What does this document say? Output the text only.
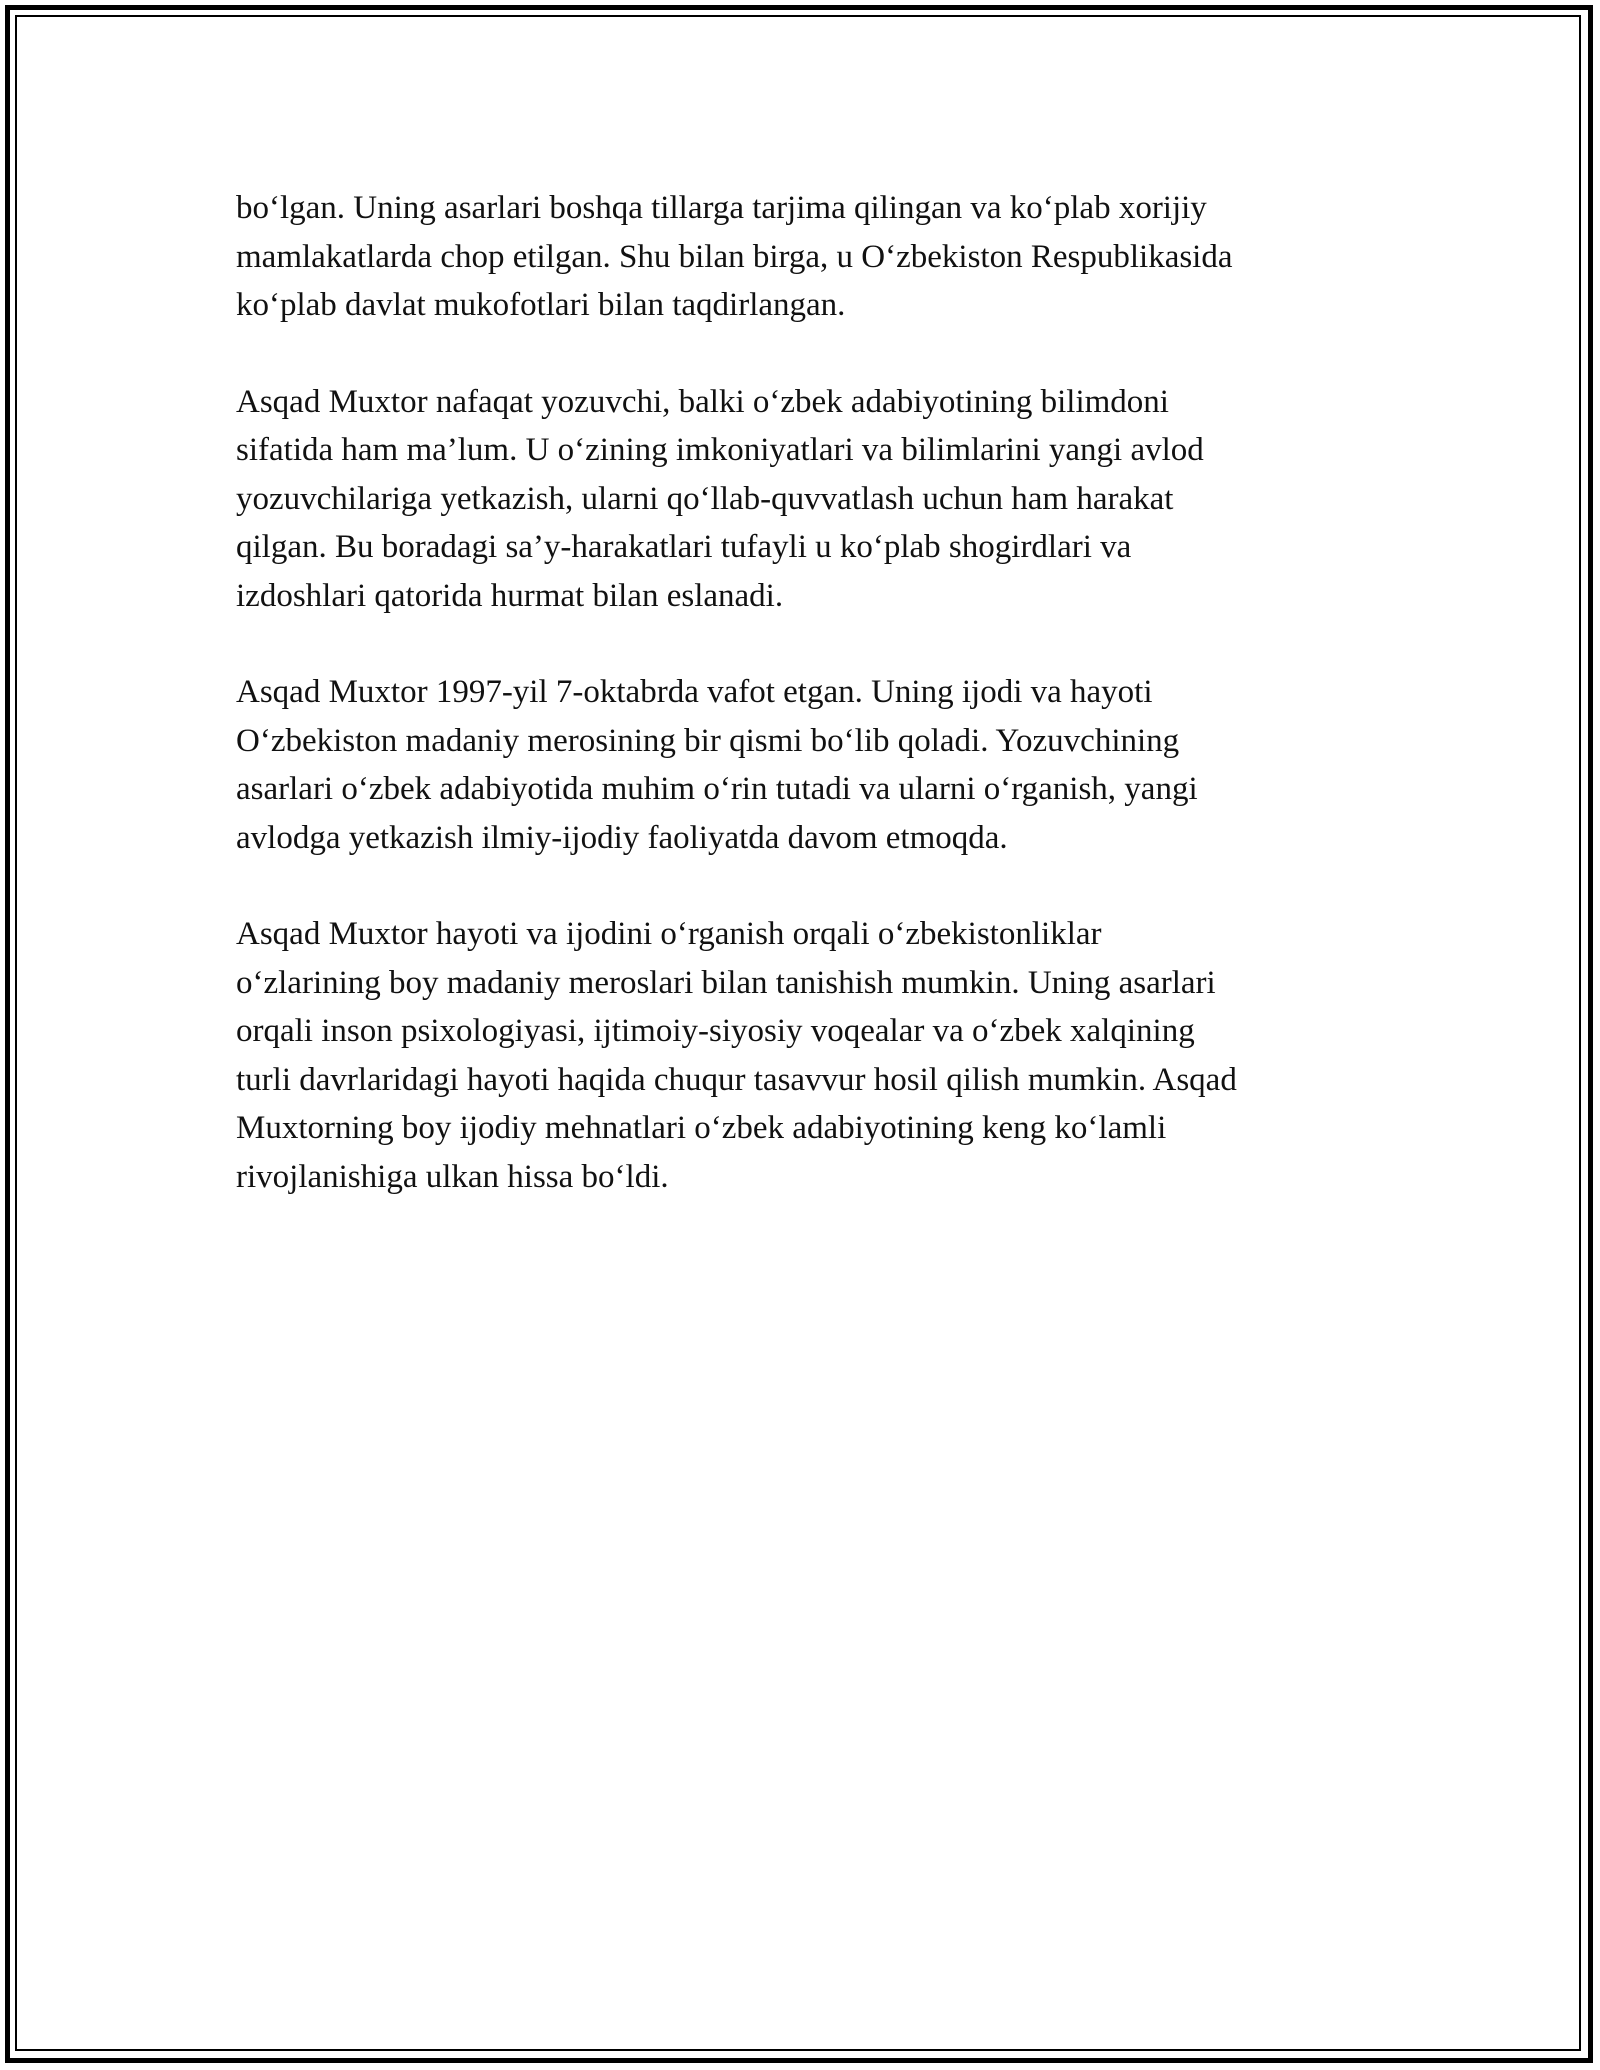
bo‘lgan. Uning asarlari boshqa tillarga tarjima qilingan va ko‘plab xorijiy
mamlakatlarda chop etilgan. Shu bilan birga, u O‘zbekiston Respublikasida
ko‘plab davlat mukofotlari bilan taqdirlangan.

Asqad Muxtor nafaqat yozuvchi, balki o‘zbek adabiyotining bilimdoni
sifatida ham ma’lum. U o‘zining imkoniyatlari va bilimlarini yangi avlod
yozuvchilariga yetkazish, ularni qo‘llab-quvvatlash uchun ham harakat
qilgan. Bu boradagi sa’y-harakatlari tufayli u ko‘plab shogirdlari va
izdoshlari qatorida hurmat bilan eslanadi.

Asqad Muxtor 1997-yil 7-oktabrda vafot etgan. Uning ijodi va hayoti
O‘zbekiston madaniy merosining bir qismi bo‘lib qoladi. Yozuvchining
asarlari o‘zbek adabiyotida muhim o‘rin tutadi va ularni o‘rganish, yangi
avlodga yetkazish ilmiy-ijodiy faoliyatda davom etmoqda.

Asqad Muxtor hayoti va ijodini o‘rganish orqali o‘zbekistonliklar
o‘zlarining boy madaniy meroslari bilan tanishish mumkin. Uning asarlari
orqali inson psixologiyasi, ijtimoiy-siyosiy voqealar va o‘zbek xalqining
turli davrlaridagi hayoti haqida chuqur tasavvur hosil qilish mumkin. Asqad
Muxtorning boy ijodiy mehnatlari o‘zbek adabiyotining keng ko‘lamli
rivojlanishiga ulkan hissa bo‘ldi.
